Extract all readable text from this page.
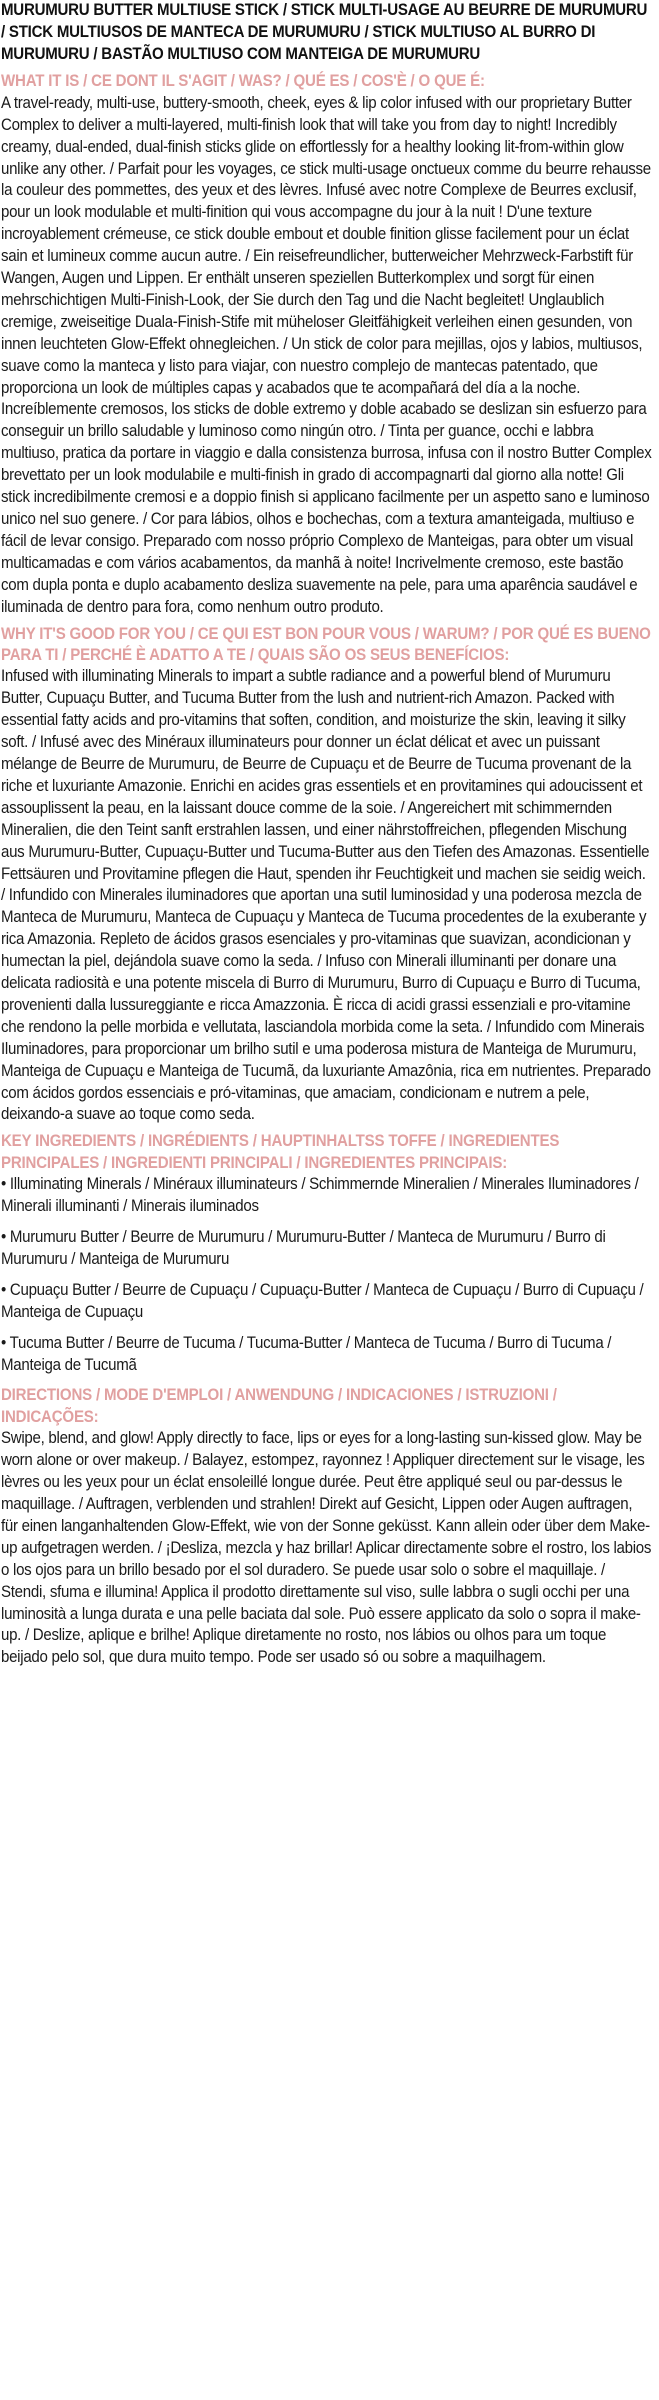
MURUMURU BUTTER MULTIUSE STICK / STICK MULTI-USAGE AU BEURRE DE MURUMURU / STICK MULTIUSOS DE MANTECA DE MURUMURU / STICK MULTIUSO AL BURRO DI MURUMURU / BASTÃO MULTIUSO COM MANTEIGA DE MURUMURU
WHAT IT IS / CE DONT IL S'AGIT / WAS? / QUÉ ES / COS'È / O QUE É:

A travel-ready, multi-use, buttery-smooth, cheek, eyes & lip color infused with our proprietary Butter Complex to deliver a multi-layered, multi-finish look that will take you from day to night! Incredibly creamy, dual-ended, dual-finish sticks glide on effortlessly for a healthy looking lit-from-within glow unlike any other. / Parfait pour les voyages, ce stick multi-usage onctueux comme du beurre rehausse la couleur des pommettes, des yeux et des lèvres. Infusé avec notre Complexe de Beurres exclusif, pour un look modulable et multi-finition qui vous accompagne du jour à la nuit ! D'une texture incroyablement crémeuse, ce stick double embout et double finition glisse facilement pour un éclat sain et lumineux comme aucun autre. / Ein reisefreundlicher, butterweicher Mehrzweck-Farbstift für Wangen, Augen und Lippen. Er enthält unseren speziellen Butterkomplex und sorgt für einen mehrschichtigen Multi-Finish-Look, der Sie durch den Tag und die Nacht begleitet! Unglaublich cremige, zweiseitige Duala-Finish-Stife mit müheloser Gleitfähigkeit verleihen einen gesunden, von innen leuchteten Glow-Effekt ohnegleichen. / Un stick de color para mejillas, ojos y labios, multiusos, suave como la manteca y listo para viajar, con nuestro complejo de mantecas patentado, que proporciona un look de múltiples capas y acabados que te acompañará del día a la noche. Increíblemente cremosos, los sticks de doble extremo y doble acabado se deslizan sin esfuerzo para conseguir un brillo saludable y luminoso como ningún otro. / Tinta per guance, occhi e labbra multiuso, pratica da portare in viaggio e dalla consistenza burrosa, infusa con il nostro Butter Complex brevettato per un look modulabile e multi-finish in grado di accompagnarti dal giorno alla notte! Gli stick incredibilmente cremosi e a doppio finish si applicano facilmente per un aspetto sano e luminoso unico nel suo genere. / Cor para lábios, olhos e bochechas, com a textura amanteigada, multiuso e fácil de levar consigo. Preparado com nosso próprio Complexo de Manteigas, para obter um visual multicamadas e com vários acabamentos, da manhã à noite! Incrivelmente cremoso, este bastão com dupla ponta e duplo acabamento desliza suavemente na pele, para uma aparência saudável e iluminada de dentro para fora, como nenhum outro produto.

WHY IT'S GOOD FOR YOU / CE QUI EST BON POUR VOUS / WARUM? / POR QUÉ ES BUENO PARA TI / PERCHÉ È ADATTO A TE / QUAIS SÃO OS SEUS BENEFÍCIOS:

Infused with illuminating Minerals to impart a subtle radiance and a powerful blend of Murumuru Butter, Cupuaçu Butter, and Tucuma Butter from the lush and nutrient-rich Amazon. Packed with essential fatty acids and pro-vitamins that soften, condition, and moisturize the skin, leaving it silky soft. / Infusé avec des Minéraux illuminateurs pour donner un éclat délicat et avec un puissant mélange de Beurre de Murumuru, de Beurre de Cupuaçu et de Beurre de Tucuma provenant de la riche et luxuriante Amazonie. Enrichi en acides gras essentiels et en provitamines qui adoucissent et assouplissent la peau, en la laissant douce comme de la soie. / Angereichert mit schimmernden Mineralien, die den Teint sanft erstrahlen lassen, und einer nährstoffreichen, pflegenden Mischung aus Murumuru-Butter, Cupuaçu-Butter und Tucuma-Butter aus den Tiefen des Amazonas. Essentielle Fettsäuren und Provitamine pflegen die Haut, spenden ihr Feuchtigkeit und machen sie seidig weich. / Infundido con Minerales iluminadores que aportan una sutil luminosidad y una poderosa mezcla de Manteca de Murumuru, Manteca de Cupuaçu y Manteca de Tucuma procedentes de la exuberante y rica Amazonia. Repleto de ácidos grasos esenciales y pro-vitaminas que suavizan, acondicionan y humectan la piel, dejándola suave como la seda. / Infuso con Minerali illuminanti per donare una delicata radiosità e una potente miscela di Burro di Murumuru, Burro di Cupuaçu e Burro di Tucuma, provenienti dalla lussureggiante e ricca Amazzonia. È ricca di acidi grassi essenziali e pro-vitamine che rendono la pelle morbida e vellutata, lasciandola morbida come la seta. / Infundido com Minerais Iluminadores, para proporcionar um brilho sutil e uma poderosa mistura de Manteiga de Murumuru, Manteiga de Cupuaçu e Manteiga de Tucumã, da luxuriante Amazônia, rica em nutrientes. Preparado com ácidos gordos essenciais e pró-vitaminas, que amaciam, condicionam e nutrem a pele, deixando-a suave ao toque como seda.

KEY INGREDIENTS / INGRÉDIENTS / HAUPTINHALTSS TOFFE / INGREDIENTES PRINCIPALES / INGREDIENTI PRINCIPALI / INGREDIENTES PRINCIPAIS:
• Illuminating Minerals / Minéraux illuminateurs / Schimmernde Mineralien / Minerales Iluminadores / Minerali illuminanti / Minerais iluminados
• Murumuru Butter / Beurre de Murumuru / Murumuru-Butter / Manteca de Murumuru / Burro di Murumuru / Manteiga de Murumuru
• Cupuaçu Butter / Beurre de Cupuaçu / Cupuaçu-Butter / Manteca de Cupuaçu / Burro di Cupuaçu / Manteiga de Cupuaçu
• Tucuma Butter / Beurre de Tucuma / Tucuma-Butter / Manteca de Tucuma / Burro di Tucuma / Manteiga de Tucumã
DIRECTIONS / MODE D'EMPLOI / ANWENDUNG / INDICACIONES / ISTRUZIONI / INDICAÇÕES:

Swipe, blend, and glow! Apply directly to face, lips or eyes for a long-lasting sun-kissed glow. May be worn alone or over makeup. / Balayez, estompez, rayonnez ! Appliquer directement sur le visage, les lèvres ou les yeux pour un éclat ensoleillé longue durée. Peut être appliqué seul ou par-dessus le maquillage. / Auftragen, verblenden und strahlen! Direkt auf Gesicht, Lippen oder Augen auftragen, für einen langanhaltenden Glow-Effekt, wie von der Sonne geküsst. Kann allein oder über dem Make-up aufgetragen werden. / ¡Desliza, mezcla y haz brillar! Aplicar directamente sobre el rostro, los labios o los ojos para un brillo besado por el sol duradero. Se puede usar solo o sobre el maquillaje. / Stendi, sfuma e illumina! Applica il prodotto direttamente sul viso, sulle labbra o sugli occhi per una luminosità a lunga durata e una pelle baciata dal sole. Può essere applicato da solo o sopra il make-up. / Deslize, aplique e brilhe! Aplique diretamente no rosto, nos lábios ou olhos para um toque beijado pelo sol, que dura muito tempo. Pode ser usado só ou sobre a maquilhagem.
